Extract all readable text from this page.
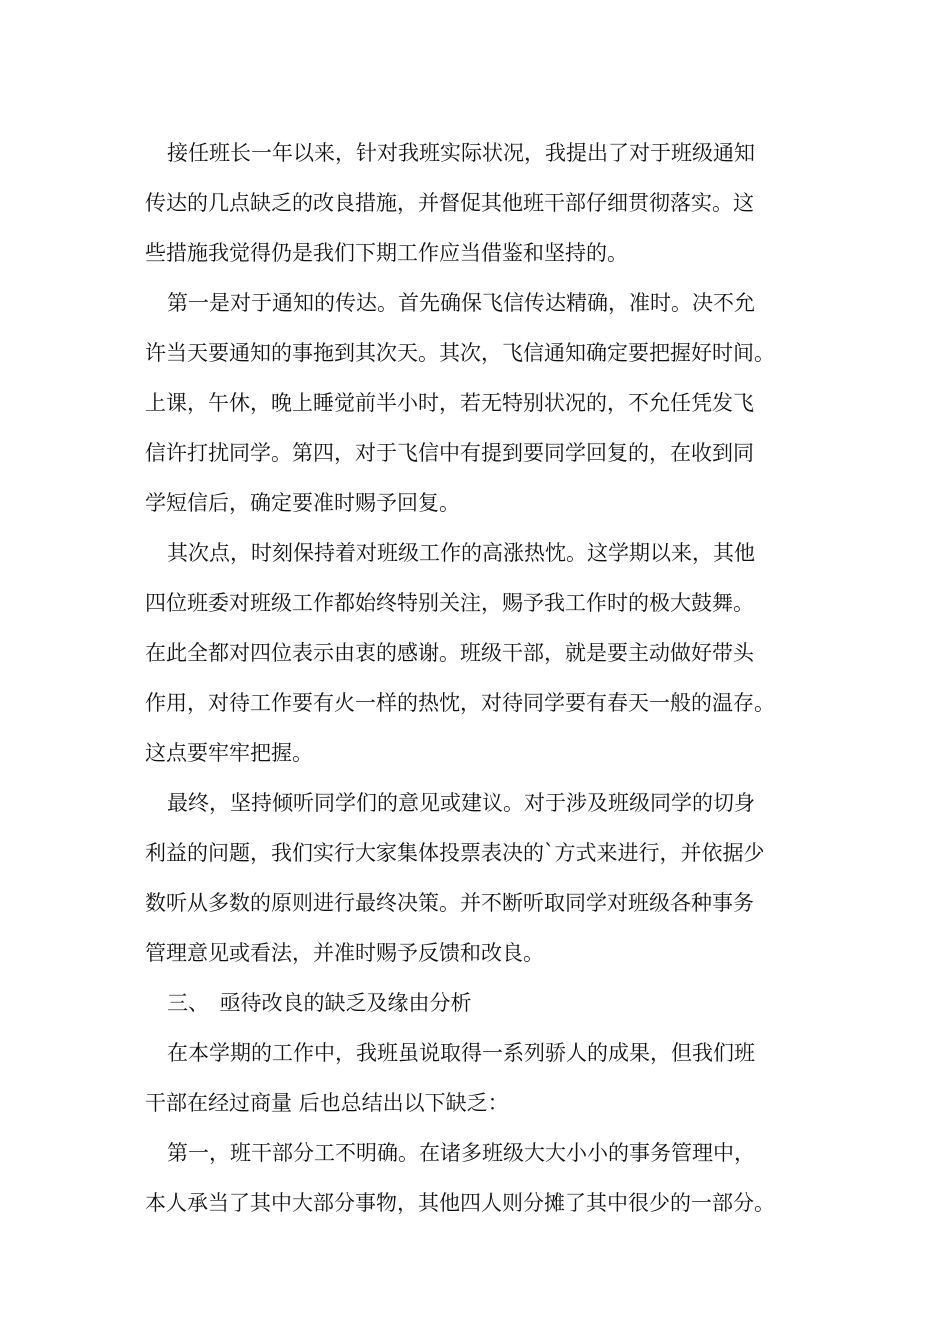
接任班长一年以来，针对我班实际状况，我提出了对于班级通知
传达的几点缺乏的改良措施，并督促其他班干部仔细贯彻落实。这
些措施我觉得仍是我们下期工作应当借鉴和坚持的。
第一是对于通知的传达。首先确保飞信传达精确，准时。决不允
许当天要通知的事拖到其次天。其次，飞信通知确定要把握好时间。
上课，午休，晚上睡觉前半小时，若无特别状况的，不允任凭发飞
信许打扰同学。第四，对于飞信中有提到要同学回复的，在收到同
学短信后，确定要准时赐予回复。
其次点，时刻保持着对班级工作的高涨热忱。这学期以来，其他
四位班委对班级工作都始终特别关注，赐予我工作时的极大鼓舞。
在此全都对四位表示由衷的感谢。班级干部，就是要主动做好带头
作用，对待工作要有火一样的热忱，对待同学要有春天一般的温存。
这点要牢牢把握。
最终，坚持倾听同学们的意见或建议。对于涉及班级同学的切身
利益的问题，我们实行大家集体投票表决的`方式来进行，并依据少
数听从多数的原则进行最终决策。并不断听取同学对班级各种事务
管理意见或看法，并准时赐予反馈和改良。
三、　亟待改良的缺乏及缘由分析
在本学期的工作中，我班虽说取得一系列骄人的成果，但我们班
干部在经过商量 后也总结出以下缺乏：
第一，班干部分工不明确。在诸多班级大大小小的事务管理中，
本人承当了其中大部分事物，其他四人则分摊了其中很少的一部分。
